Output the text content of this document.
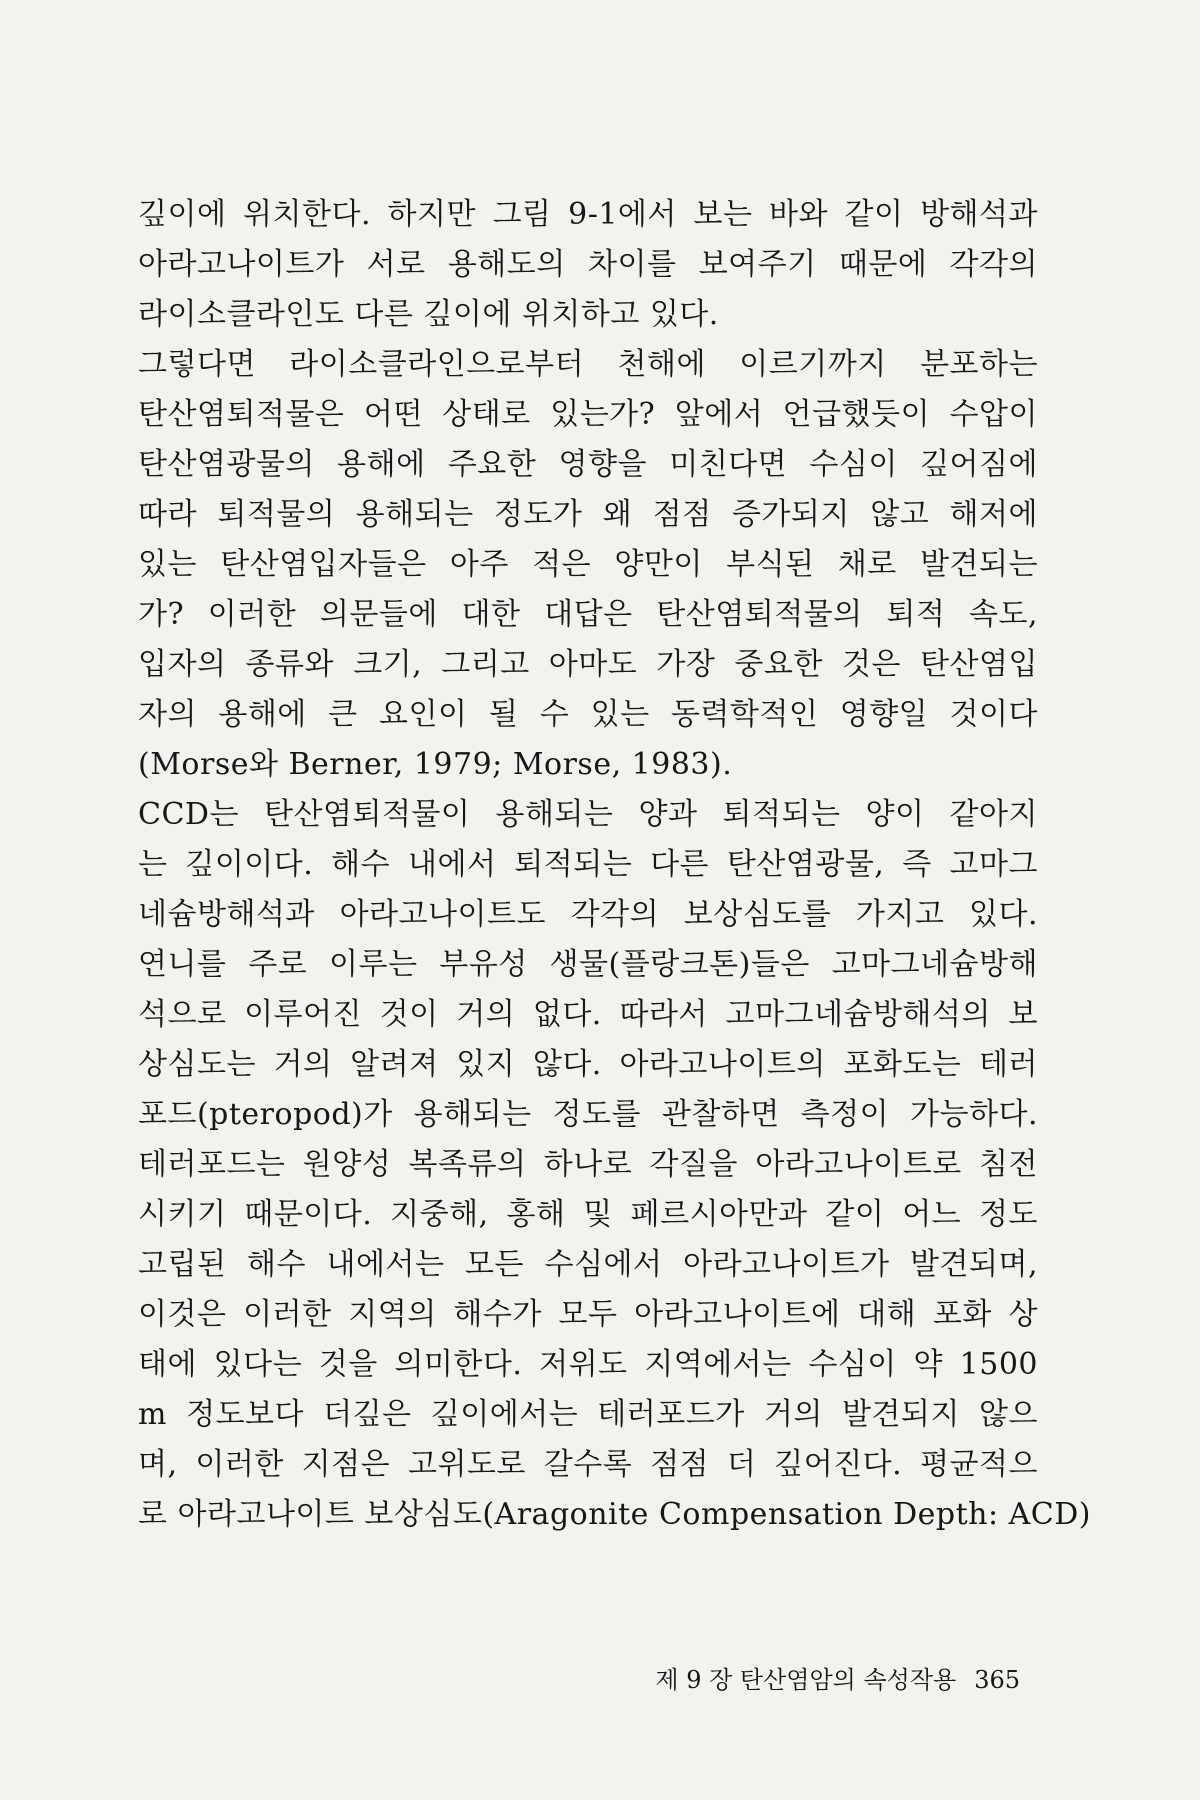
깊이에 위치한다. 하지만 그림 9-1에서 보는 바와 같이 방해석과
아라고나이트가 서로 용해도의 차이를 보여주기 때문에 각각의
라이소클라인도 다른 깊이에 위치하고 있다.
그렇다면 라이소클라인으로부터 천해에 이르기까지 분포하는
탄산염퇴적물은 어떤 상태로 있는가? 앞에서 언급했듯이 수압이
탄산염광물의 용해에 주요한 영향을 미친다면 수심이 깊어짐에
따라 퇴적물의 용해되는 정도가 왜 점점 증가되지 않고 해저에
있는 탄산염입자들은 아주 적은 양만이 부식된 채로 발견되는
가? 이러한 의문들에 대한 대답은 탄산염퇴적물의 퇴적 속도,
입자의 종류와 크기, 그리고 아마도 가장 중요한 것은 탄산염입
자의 용해에 큰 요인이 될 수 있는 동력학적인 영향일 것이다
(Morse와 Berner, 1979; Morse, 1983).
CCD는 탄산염퇴적물이 용해되는 양과 퇴적되는 양이 같아지
는 깊이이다. 해수 내에서 퇴적되는 다른 탄산염광물, 즉 고마그
네슘방해석과 아라고나이트도 각각의 보상심도를 가지고 있다.
연니를 주로 이루는 부유성 생물(플랑크톤)들은 고마그네슘방해
석으로 이루어진 것이 거의 없다. 따라서 고마그네슘방해석의 보
상심도는 거의 알려져 있지 않다. 아라고나이트의 포화도는 테러
포드(pteropod)가 용해되는 정도를 관찰하면 측정이 가능하다.
테러포드는 원양성 복족류의 하나로 각질을 아라고나이트로 침전
시키기 때문이다. 지중해, 홍해 및 페르시아만과 같이 어느 정도
고립된 해수 내에서는 모든 수심에서 아라고나이트가 발견되며,
이것은 이러한 지역의 해수가 모두 아라고나이트에 대해 포화 상
태에 있다는 것을 의미한다. 저위도 지역에서는 수심이 약 1500
m 정도보다 더깊은 깊이에서는 테러포드가 거의 발견되지 않으
며, 이러한 지점은 고위도로 갈수록 점점 더 깊어진다. 평균적으
로 아라고나이트 보상심도(Aragonite Compensation Depth: ACD)
제 9 장 탄산염암의 속성작용 365
